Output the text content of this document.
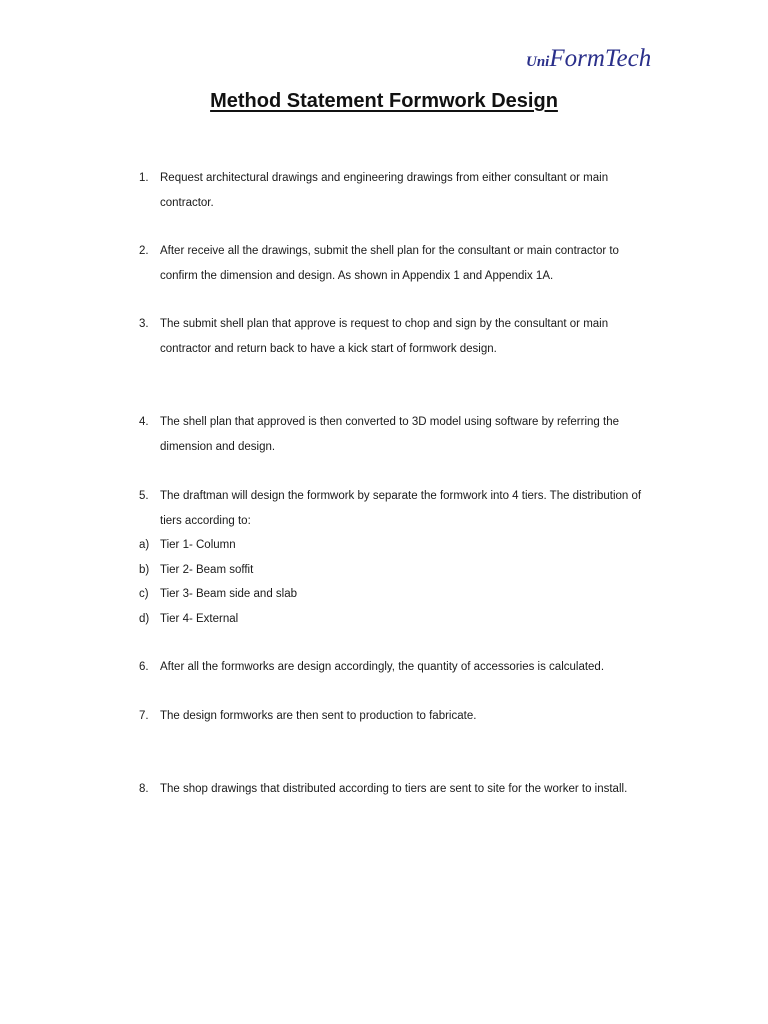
UniFormTech
Method Statement Formwork Design
1. Request architectural drawings and engineering drawings from either consultant or main contractor.
2. After receive all the drawings, submit the shell plan for the consultant or main contractor to confirm the dimension and design. As shown in Appendix 1 and Appendix 1A.
3. The submit shell plan that approve is request to chop and sign by the consultant or main contractor and return back to have a kick start of formwork design.
4. The shell plan that approved is then converted to 3D model using software by referring the dimension and design.
5. The draftman will design the formwork by separate the formwork into 4 tiers. The distribution of tiers according to:
a) Tier 1- Column
b) Tier 2- Beam soffit
c) Tier 3- Beam side and slab
d) Tier 4- External
6. After all the formworks are design accordingly, the quantity of accessories is calculated.
7. The design formworks are then sent to production to fabricate.
8. The shop drawings that distributed according to tiers are sent to site for the worker to install.
